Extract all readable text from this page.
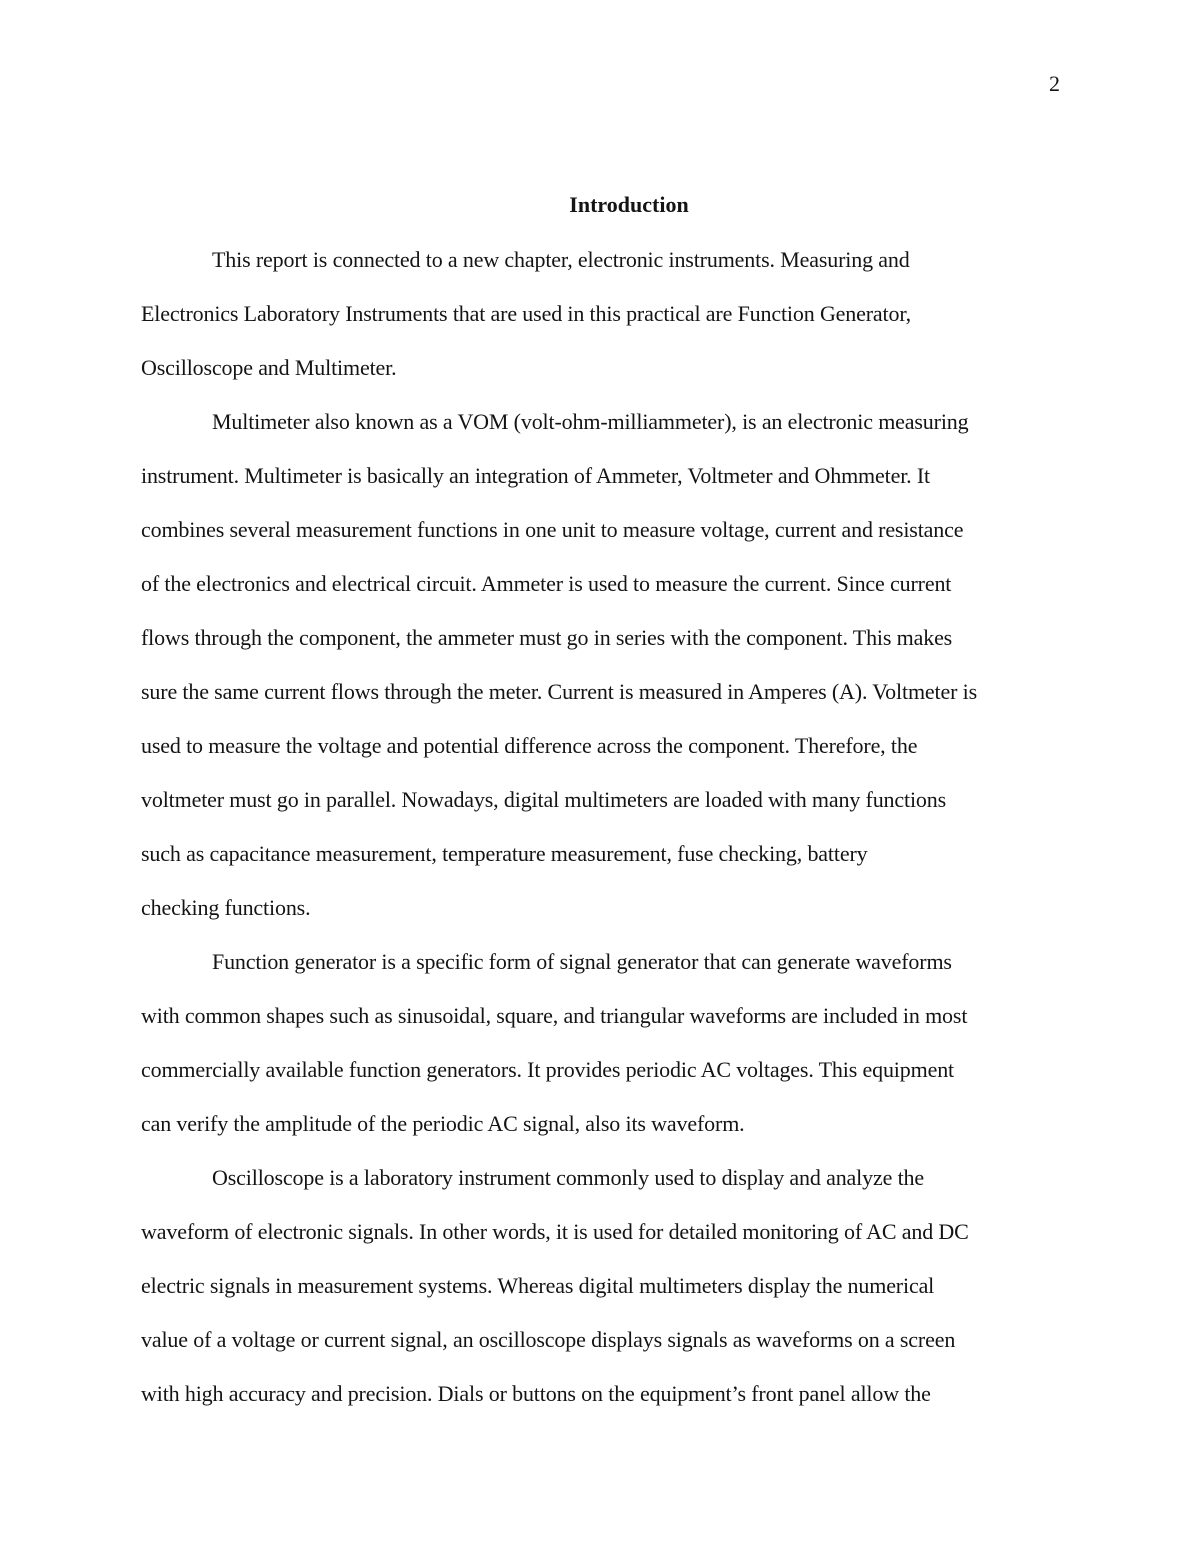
2
Introduction
This report is connected to a new chapter, electronic instruments. Measuring and
Electronics Laboratory Instruments that are used in this practical are Function Generator,
Oscilloscope and Multimeter.
Multimeter also known as a VOM (volt-ohm-milliammeter), is an electronic measuring
instrument. Multimeter is basically an integration of Ammeter, Voltmeter and Ohmmeter. It
combines several measurement functions in one unit to measure voltage, current and resistance
of the electronics and electrical circuit. Ammeter is used to measure the current. Since current
flows through the component, the ammeter must go in series with the component. This makes
sure the same current flows through the meter. Current is measured in Amperes (A). Voltmeter is
used to measure the voltage and potential difference across the component. Therefore, the
voltmeter must go in parallel. Nowadays, digital multimeters are loaded with many functions
such as capacitance measurement, temperature measurement, fuse checking, battery
checking functions.
Function generator is a specific form of signal generator that can generate waveforms
with common shapes such as sinusoidal, square, and triangular waveforms are included in most
commercially available function generators. It provides periodic AC voltages. This equipment
can verify the amplitude of the periodic AC signal, also its waveform.
Oscilloscope is a laboratory instrument commonly used to display and analyze the
waveform of electronic signals. In other words, it is used for detailed monitoring of AC and DC
electric signals in measurement systems. Whereas digital multimeters display the numerical
value of a voltage or current signal, an oscilloscope displays signals as waveforms on a screen
with high accuracy and precision. Dials or buttons on the equipment’s front panel allow the
